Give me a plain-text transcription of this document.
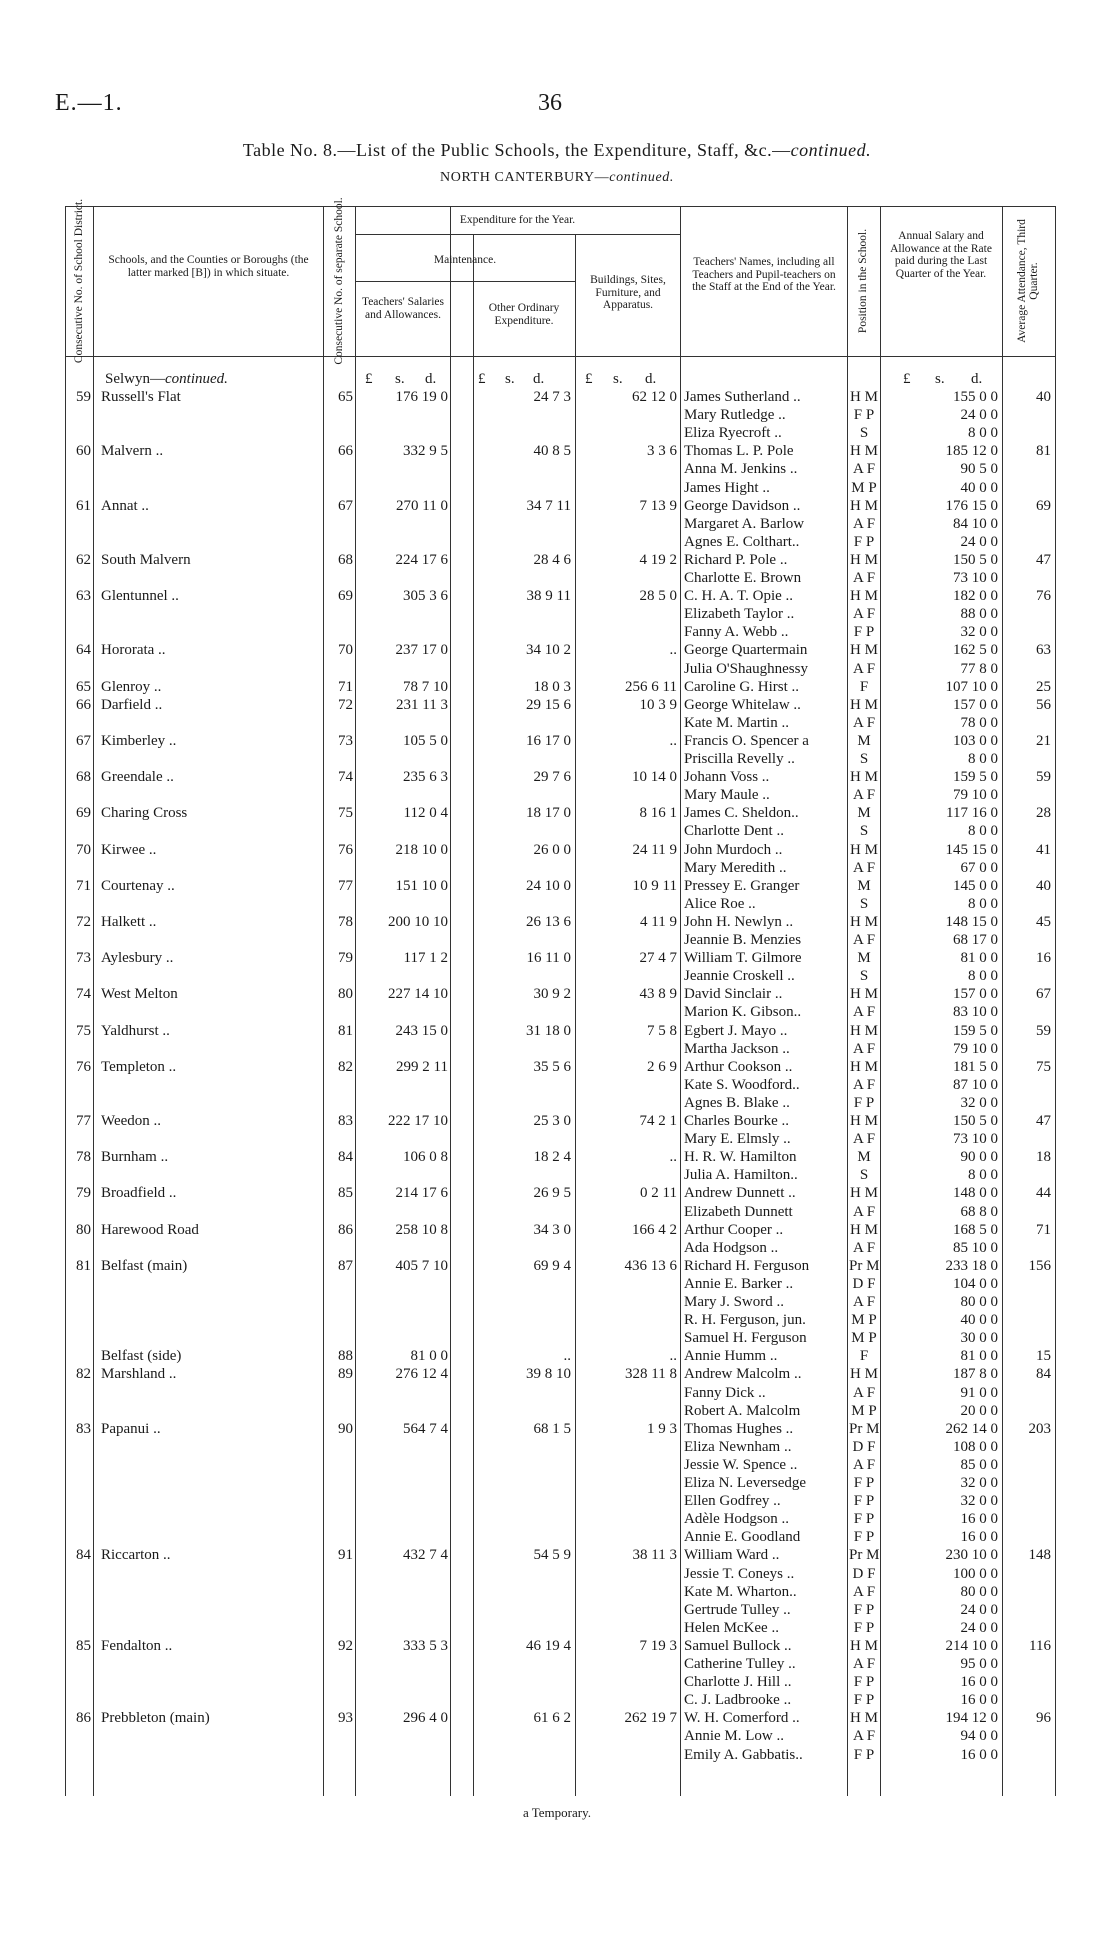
E.—1.	36
Table No. 8.—List of the Public Schools, the Expenditure, Staff, &c.—continued.
NORTH CANTERBURY—continued.
Consecutive No. of School District.	Schools, and the Counties or Boroughs (the latter marked [B]) in which situate.	Consecutive No. of separate School.	Expenditure for the Year.
Maintenance.
Teachers' Salaries and Allowances.
Other Ordinary Expenditure.
Buildings, Sites, Furniture, and Apparatus.
Teachers' Names, including all Teachers and Pupil-teachers on the Staff at the End of the Year.	Position in the School.	Annual Salary and Allowance at the Rate paid during the Last Quarter of the Year.	Average Attendance, Third Quarter.
£ s. d.	£ s. d.	£ s. d.	£ s. d.
Selwyn—continued.
59 Russell's Flat	65	176 19 0	24 7 3	62 12 0 James Sutherland ..	H M	155 0 0	40
Mary Rutledge ..	F P	24 0 0
Eliza Ryecroft ..	S	8 0 0
60 Malvern ..	66	332 9 5	40 8 5	3 3 6 Thomas L. P. Pole	H M	185 12 0	81
Anna M. Jenkins ..	A F	90 5 0
James Hight ..	M P	40 0 0
61 Annat ..	67	270 11 0	34 7 11	7 13 9 George Davidson ..	H M	176 15 0	69
Margaret A. Barlow	A F	84 10 0
Agnes E. Colthart..	F P	24 0 0
62 South Malvern	68	224 17 6	28 4 6	4 19 2 Richard P. Pole ..	H M	150 5 0	47
Charlotte E. Brown	A F	73 10 0
63 Glentunnel ..	69	305 3 6	38 9 11	28 5 0 C. H. A. T. Opie ..	H M	182 0 0	76
Elizabeth Taylor ..	A F	88 0 0
Fanny A. Webb ..	F P	32 0 0
64 Hororata ..	70	237 17 0	34 10 2	.. George Quartermain	H M	162 5 0	63
Julia O'Shaughnessy	A F	77 8 0
65 Glenroy ..	71	78 7 10	18 0 3	256 6 11 Caroline G. Hirst ..	F	107 10 0	25
66 Darfield ..	72	231 11 3	29 15 6	10 3 9 George Whitelaw ..	H M	157 0 0	56
Kate M. Martin ..	A F	78 0 0
67 Kimberley ..	73	105 5 0	16 17 0	.. Francis O. Spencer a	M	103 0 0	21
Priscilla Revelly ..	S	8 0 0
68 Greendale ..	74	235 6 3	29 7 6	10 14 0 Johann Voss ..	H M	159 5 0	59
Mary Maule ..	A F	79 10 0
69 Charing Cross	75	112 0 4	18 17 0	8 16 1 James C. Sheldon..	M	117 16 0	28
Charlotte Dent ..	S	8 0 0
70 Kirwee ..	76	218 10 0	26 0 0	24 11 9 John Murdoch ..	H M	145 15 0	41
Mary Meredith ..	A F	67 0 0
71 Courtenay ..	77	151 10 0	24 10 0	10 9 11 Pressey E. Granger	M	145 0 0	40
Alice Roe ..	S	8 0 0
72 Halkett ..	78	200 10 10	26 13 6	4 11 9 John H. Newlyn ..	H M	148 15 0	45
Jeannie B. Menzies	A F	68 17 0
73 Aylesbury ..	79	117 1 2	16 11 0	27 4 7 William T. Gilmore	M	81 0 0	16
Jeannie Croskell ..	S	8 0 0
74 West Melton	80	227 14 10	30 9 2	43 8 9 David Sinclair ..	H M	157 0 0	67
Marion K. Gibson..	A F	83 10 0
75 Yaldhurst ..	81	243 15 0	31 18 0	7 5 8 Egbert J. Mayo ..	H M	159 5 0	59
Martha Jackson ..	A F	79 10 0
76 Templeton ..	82	299 2 11	35 5 6	2 6 9 Arthur Cookson ..	H M	181 5 0	75
Kate S. Woodford..	A F	87 10 0
Agnes B. Blake ..	F P	32 0 0
77 Weedon ..	83	222 17 10	25 3 0	74 2 1 Charles Bourke ..	H M	150 5 0	47
Mary E. Elmsly ..	A F	73 10 0
78 Burnham ..	84	106 0 8	18 2 4	.. H. R. W. Hamilton	M	90 0 0	18
Julia A. Hamilton..	S	8 0 0
79 Broadfield ..	85	214 17 6	26 9 5	0 2 11 Andrew Dunnett ..	H M	148 0 0	44
Elizabeth Dunnett	A F	68 8 0
80 Harewood Road	86	258 10 8	34 3 0	166 4 2 Arthur Cooper ..	H M	168 5 0	71
Ada Hodgson ..	A F	85 10 0
81 Belfast (main)	87	405 7 10	69 9 4	436 13 6 Richard H. Ferguson	Pr M	233 18 0	156
Annie E. Barker ..	D F	104 0 0
Mary J. Sword ..	A F	80 0 0
R. H. Ferguson, jun.	M P	40 0 0
Samuel H. Ferguson	M P	30 0 0
Belfast (side)	88	81 0 0	..	.. Annie Humm ..	F	81 0 0	15
82 Marshland ..	89	276 12 4	39 8 10	328 11 8 Andrew Malcolm ..	H M	187 8 0	84
Fanny Dick ..	A F	91 0 0
Robert A. Malcolm	M P	20 0 0
83 Papanui ..	90	564 7 4	68 1 5	1 9 3 Thomas Hughes ..	Pr M	262 14 0	203
Eliza Newnham ..	D F	108 0 0
Jessie W. Spence ..	A F	85 0 0
Eliza N. Leversedge	F P	32 0 0
Ellen Godfrey ..	F P	32 0 0
Adèle Hodgson ..	F P	16 0 0
Annie E. Goodland	F P	16 0 0
84 Riccarton ..	91	432 7 4	54 5 9	38 11 3 William Ward ..	Pr M	230 10 0	148
Jessie T. Coneys ..	D F	100 0 0
Kate M. Wharton..	A F	80 0 0
Gertrude Tulley ..	F P	24 0 0
Helen McKee ..	F P	24 0 0
85 Fendalton ..	92	333 5 3	46 19 4	7 19 3 Samuel Bullock ..	H M	214 10 0	116
Catherine Tulley ..	A F	95 0 0
Charlotte J. Hill ..	F P	16 0 0
C. J. Ladbrooke ..	F P	16 0 0
86 Prebbleton (main)	93	296 4 0	61 6 2	262 19 7 W. H. Comerford ..	H M	194 12 0	96
Annie M. Low ..	A F	94 0 0
Emily A. Gabbatis..	F P	16 0 0
a Temporary.
